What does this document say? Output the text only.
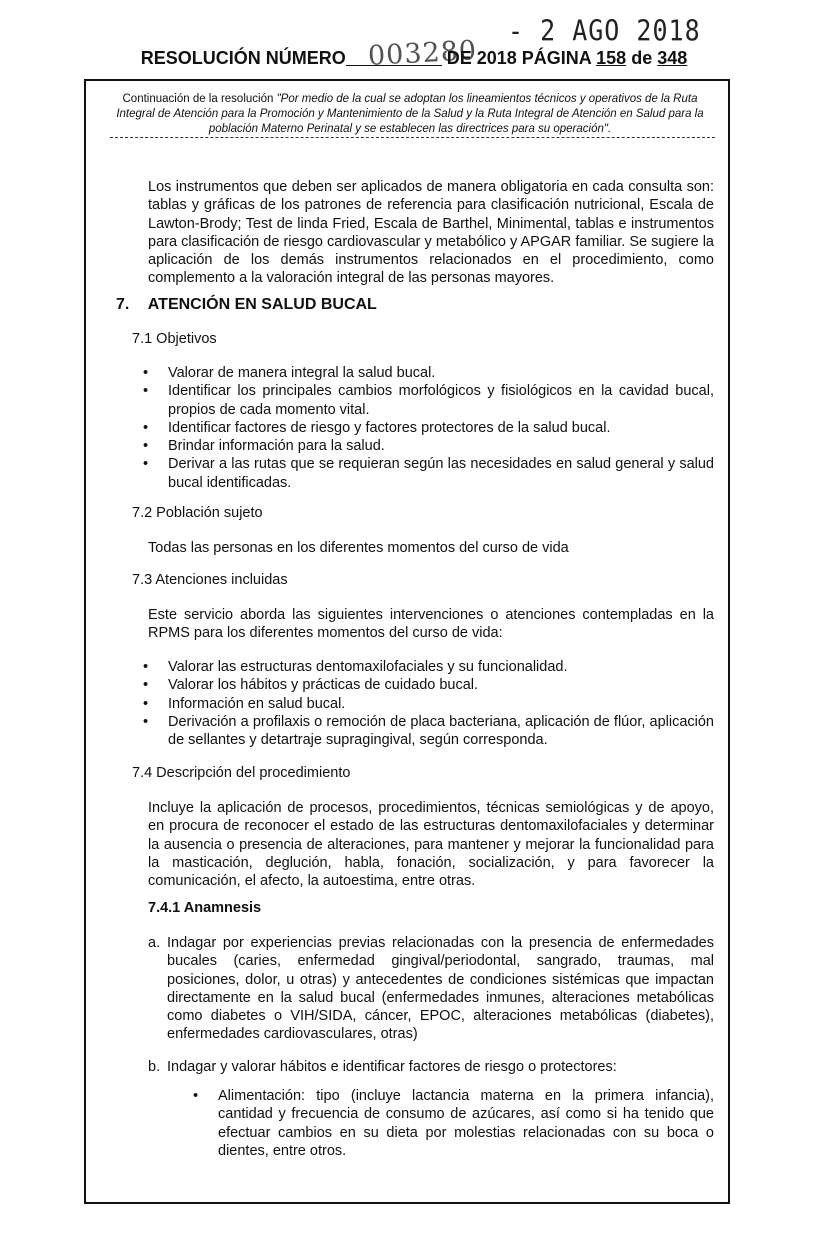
- 2 AGO 2018
003280
RESOLUCIÓN NÚMERO	DE 2018 PÁGINA 158 de 348
Continuación de la resolución "Por medio de la cual se adoptan los lineamientos técnicos y operativos de la Ruta Integral de Atención para la Promoción y Mantenimiento de la Salud y la Ruta Integral de Atención en Salud para la población Materno Perinatal y se establecen las directrices para su operación".
Los instrumentos que deben ser aplicados de manera obligatoria en cada consulta son: tablas y gráficas de los patrones de referencia para clasificación nutricional, Escala de Lawton-Brody; Test de linda Fried, Escala de Barthel, Minimental, tablas e instrumentos para clasificación de riesgo cardiovascular y metabólico y APGAR familiar. Se sugiere la aplicación de los demás instrumentos relacionados en el procedimiento, como complemento a la valoración integral de las personas mayores.
7. ATENCIÓN EN SALUD BUCAL
7.1 Objetivos
• Valorar de manera integral la salud bucal.
• Identificar los principales cambios morfológicos y fisiológicos en la cavidad bucal, propios de cada momento vital.
• Identificar factores de riesgo y factores protectores de la salud bucal.
• Brindar información para la salud.
• Derivar a las rutas que se requieran según las necesidades en salud general y salud bucal identificadas.
7.2 Población sujeto
Todas las personas en los diferentes momentos del curso de vida
7.3 Atenciones incluidas
Este servicio aborda las siguientes intervenciones o atenciones contempladas en la RPMS para los diferentes momentos del curso de vida:
• Valorar las estructuras dentomaxilofaciales y su funcionalidad.
• Valorar los hábitos y prácticas de cuidado bucal.
• Información en salud bucal.
• Derivación a profilaxis o remoción de placa bacteriana, aplicación de flúor, aplicación de sellantes y detartraje supragingival, según corresponda.
7.4 Descripción del procedimiento
Incluye la aplicación de procesos, procedimientos, técnicas semiológicas y de apoyo, en procura de reconocer el estado de las estructuras dentomaxilofaciales y determinar la ausencia o presencia de alteraciones, para mantener y mejorar la funcionalidad para la masticación, deglución, habla, fonación, socialización, y para favorecer la comunicación, el afecto, la autoestima, entre otras.
7.4.1 Anamnesis
a. Indagar por experiencias previas relacionadas con la presencia de enfermedades bucales (caries, enfermedad gingival/periodontal, sangrado, traumas, mal posiciones, dolor, u otras) y antecedentes de condiciones sistémicas que impactan directamente en la salud bucal (enfermedades inmunes, alteraciones metabólicas como diabetes o VIH/SIDA, cáncer, EPOC, alteraciones metabólicas (diabetes), enfermedades cardiovasculares, otras)
b. Indagar y valorar hábitos e identificar factores de riesgo o protectores:
• Alimentación: tipo (incluye lactancia materna en la primera infancia), cantidad y frecuencia de consumo de azúcares, así como si ha tenido que efectuar cambios en su dieta por molestias relacionadas con su boca o dientes, entre otros.
